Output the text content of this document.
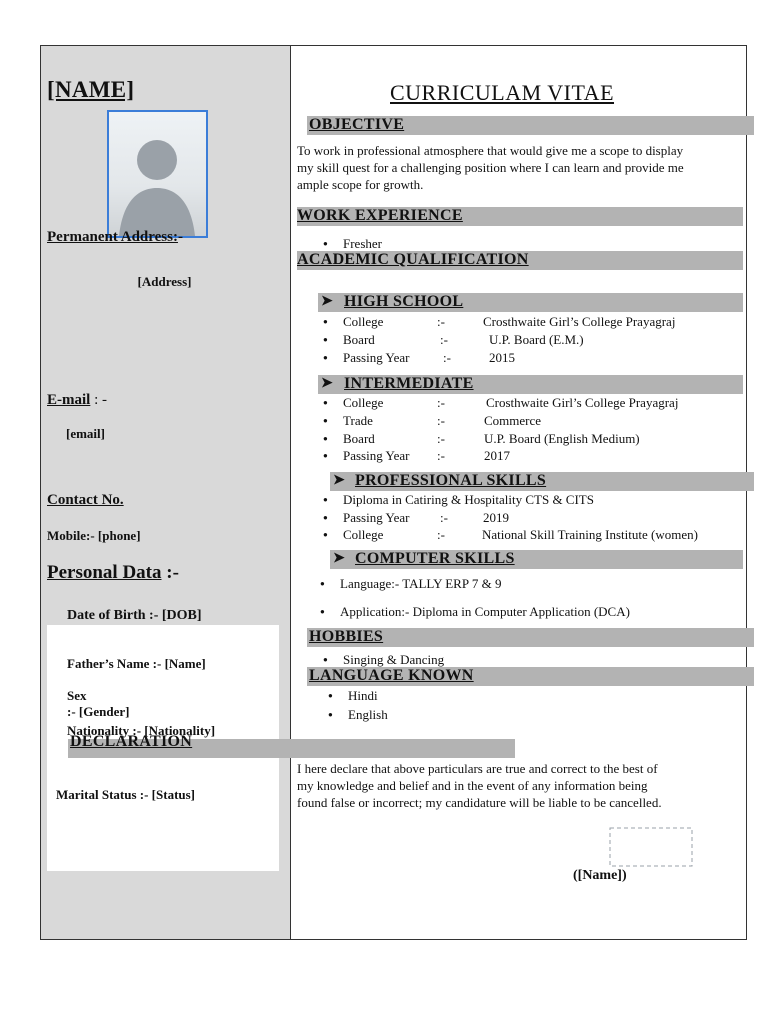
[NAME]
Permanent Address:-
[Address]
E-mail : -
[email]
Contact No.
Mobile:- [phone]
Personal Data :-
Date of Birth :- [DOB]
Father’s Name :- [Name]
Sex
:- [Gender]
Nationality :- [Nationality]
Marital Status :- [Status]
CURRICULAM VITAE
OBJECTIVE
To work in professional atmosphere that would give me a scope to display
my skill quest for a challenging position where I can learn and provide me
ample scope for growth.
WORK EXPERIENCE
● Fresher
ACADEMIC QUALIFICATION
➤ HIGH SCHOOL
● College	:-	Crosthwaite Girl’s College Prayagraj
● Board	:-	U.P. Board (E.M.)
● Passing Year	:-	2015
➤ INTERMEDIATE
● College	:-	Crosthwaite Girl’s College Prayagraj
● Trade	:-	Commerce
● Board	:-	U.P. Board (English Medium)
● Passing Year :-	2017
➤ PROFESSIONAL SKILLS
● Diploma in Catiring & Hospitality CTS & CITS
● Passing Year :-	2019
● College	:-	National Skill Training Institute (women)
➤ COMPUTER SKILLS
● Language:- TALLY ERP 7 & 9
● Application:- Diploma in Computer Application (DCA)
HOBBIES
● Singing & Dancing
LANGUAGE KNOWN
● Hindi
● English
DECLARATION
I here declare that above particulars are true and correct to the best of
my knowledge and belief and in the event of any information being
found false or incorrect; my candidature will be liable to be cancelled.
([Name])
